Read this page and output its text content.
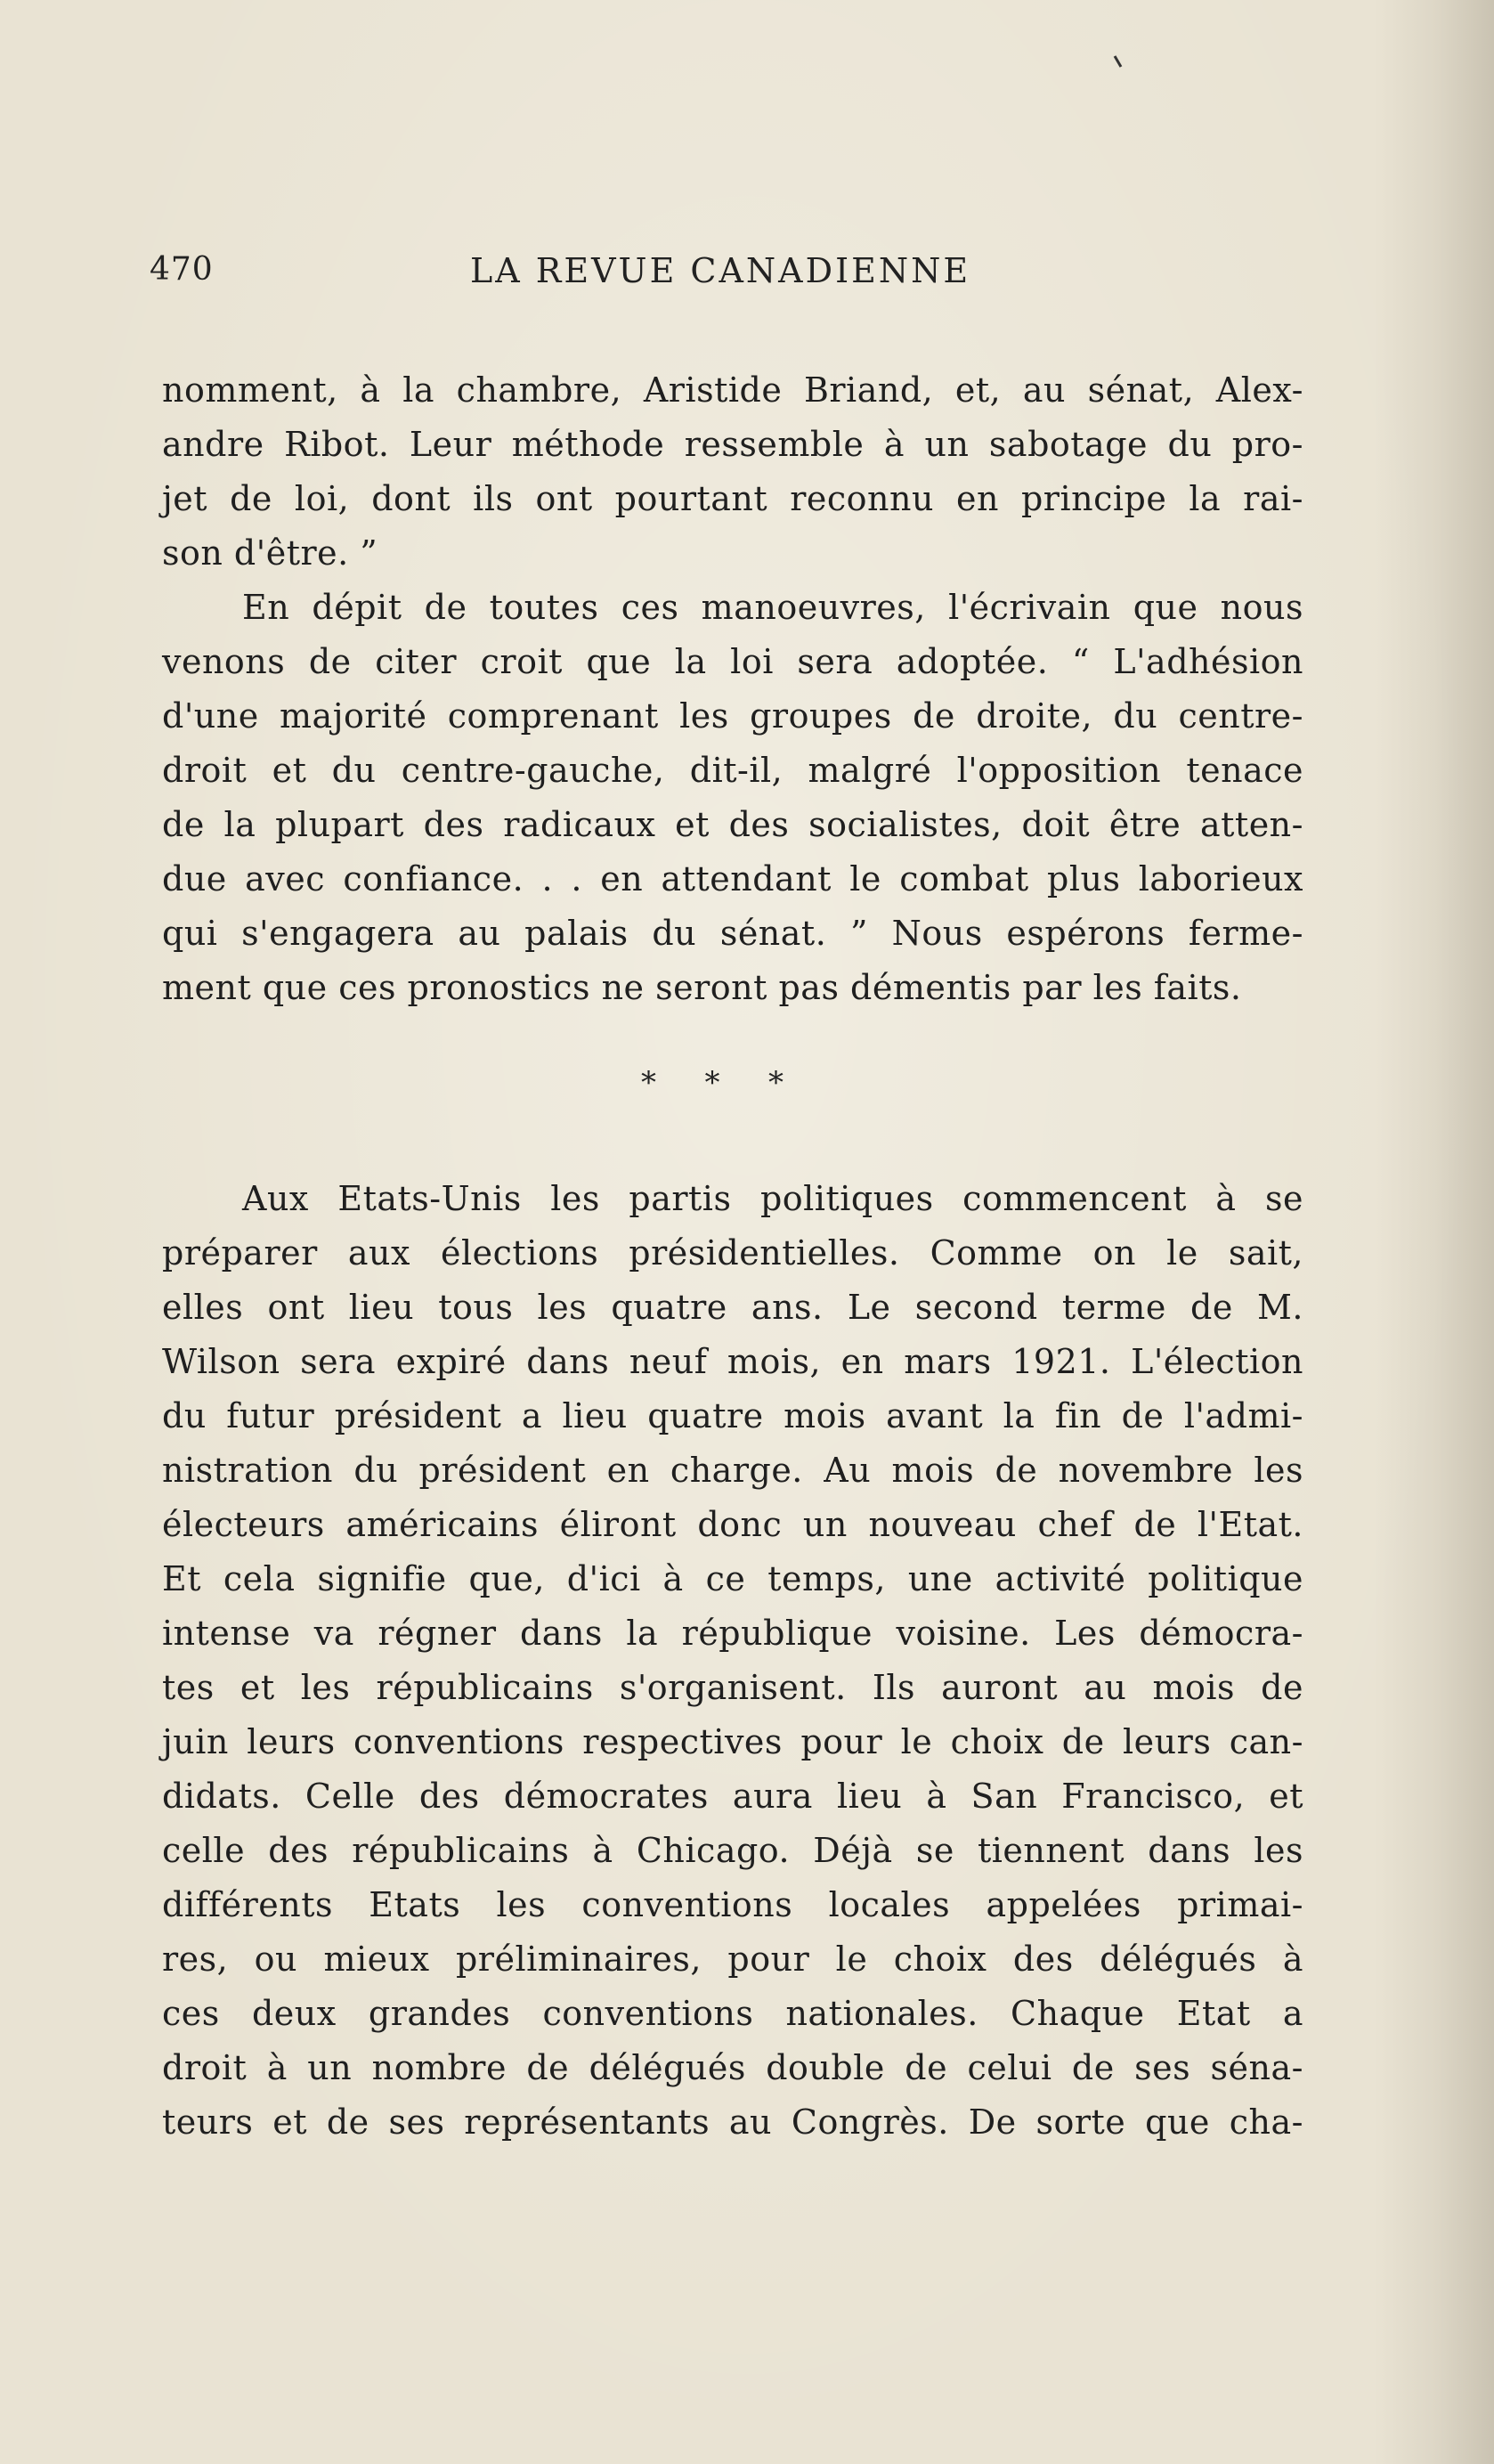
470	LA REVUE CANADIENNE
nomment, à la chambre, Aristide Briand, et, au sénat, Alex-
andre Ribot. Leur méthode ressemble à un sabotage du pro-
jet de loi, dont ils ont pourtant reconnu en principe la rai-
son d'être. ”
En dépit de toutes ces manoeuvres, l'écrivain que nous
venons de citer croit que la loi sera adoptée. “ L'adhésion
d'une majorité comprenant les groupes de droite, du centre-
droit et du centre-gauche, dit-il, malgré l'opposition tenace
de la plupart des radicaux et des socialistes, doit être atten-
due avec confiance. . . en attendant le combat plus laborieux
qui s'engagera au palais du sénat. ” Nous espérons ferme-
ment que ces pronostics ne seront pas démentis par les faits.
* * *
Aux Etats-Unis les partis politiques commencent à se
préparer aux élections présidentielles. Comme on le sait,
elles ont lieu tous les quatre ans. Le second terme de M.
Wilson sera expiré dans neuf mois, en mars 1921. L'élection
du futur président a lieu quatre mois avant la fin de l'admi-
nistration du président en charge. Au mois de novembre les
électeurs américains éliront donc un nouveau chef de l'Etat.
Et cela signifie que, d'ici à ce temps, une activité politique
intense va régner dans la république voisine. Les démocra-
tes et les républicains s'organisent. Ils auront au mois de
juin leurs conventions respectives pour le choix de leurs can-
didats. Celle des démocrates aura lieu à San Francisco, et
celle des républicains à Chicago. Déjà se tiennent dans les
différents Etats les conventions locales appelées primai-
res, ou mieux préliminaires, pour le choix des délégués à
ces deux grandes conventions nationales. Chaque Etat a
droit à un nombre de délégués double de celui de ses séna-
teurs et de ses représentants au Congrès. De sorte que cha-
